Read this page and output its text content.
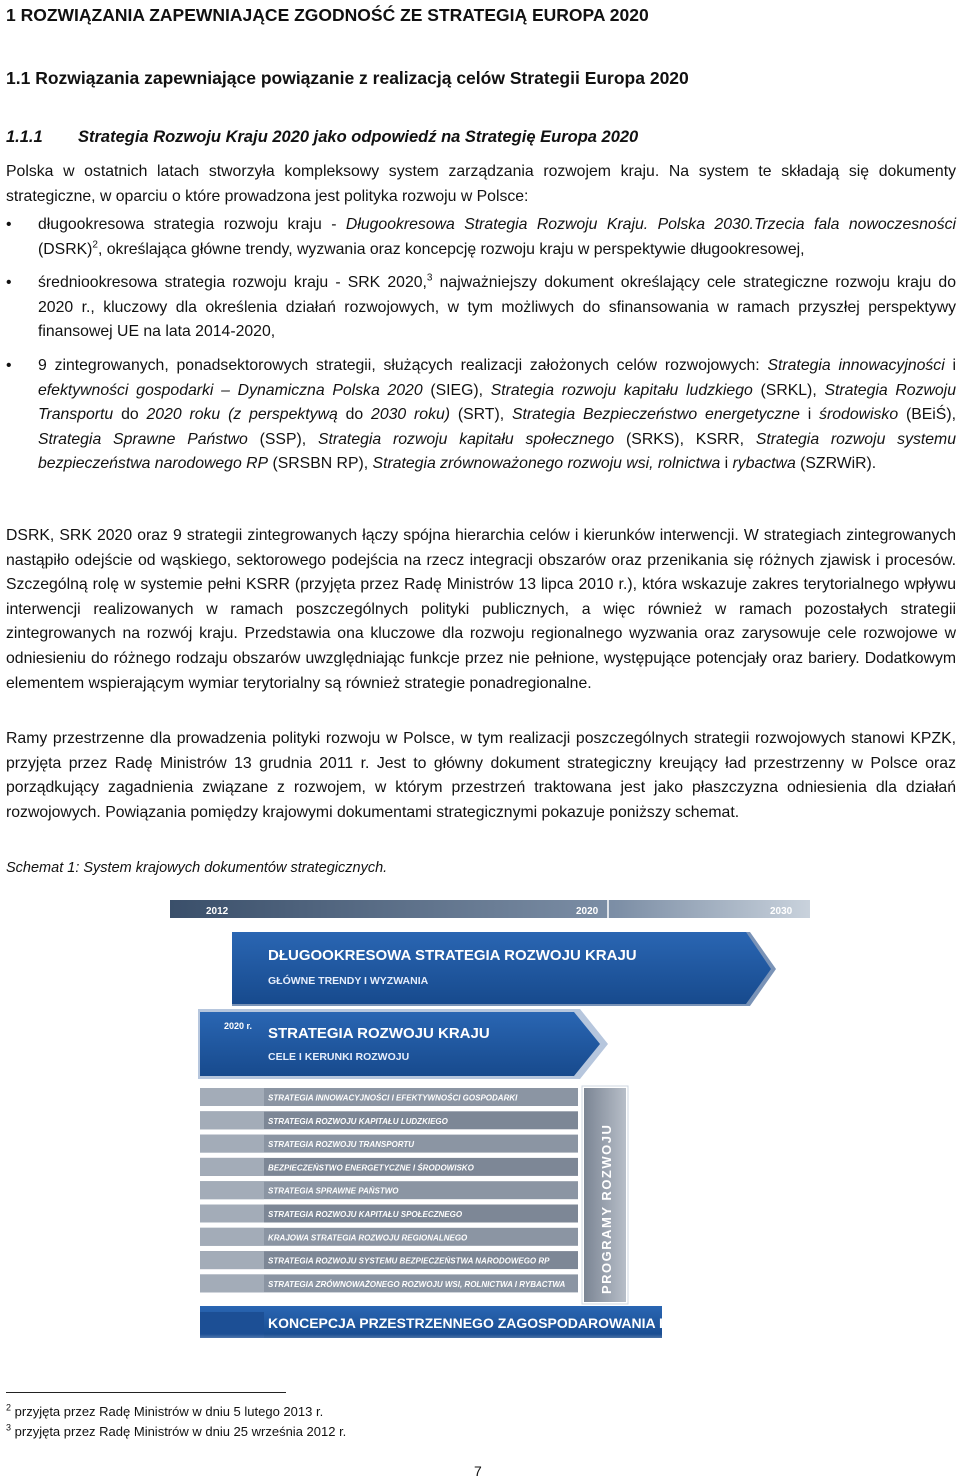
1 ROZWIĄZANIA ZAPEWNIAJĄCE ZGODNOŚĆ ZE STRATEGIĄ EUROPA 2020
1.1 Rozwiązania zapewniające powiązanie z realizacją celów Strategii Europa 2020
1.1.1 Strategia Rozwoju Kraju 2020 jako odpowiedź na Strategię Europa 2020
Polska w ostatnich latach stworzyła kompleksowy system zarządzania rozwojem kraju. Na system te składają się dokumenty strategiczne, w oparciu o które prowadzona jest polityka rozwoju w Polsce:
• długookresowa strategia rozwoju kraju - Długookresowa Strategia Rozwoju Kraju. Polska 2030.Trzecia fala nowoczesności (DSRK)$^2$, określająca główne trendy, wyzwania oraz koncepcję rozwoju kraju w perspektywie długookresowej,
• średniookresowa strategia rozwoju kraju - SRK 2020,$^3$ najważniejszy dokument określający cele strategiczne rozwoju kraju do 2020 r., kluczowy dla określenia działań rozwojowych, w tym możliwych do sfinansowania w ramach przyszłej perspektywy finansowej UE na lata 2014-2020,
• 9 zintegrowanych, ponadsektorowych strategii, służących realizacji założonych celów rozwojowych: Strategia innowacyjności i efektywności gospodarki – Dynamiczna Polska 2020 (SIEG), Strategia rozwoju kapitału ludzkiego (SRKL), Strategia Rozwoju Transportu do 2020 roku (z perspektywą do 2030 roku) (SRT), Strategia Bezpieczeństwo energetyczne i środowisko (BEiŚ), Strategia Sprawne Państwo (SSP), Strategia rozwoju kapitału społecznego (SRKS), KSRR, Strategia rozwoju systemu bezpieczeństwa narodowego RP (SRSBN RP), Strategia zrównoważonego rozwoju wsi, rolnictwa i rybactwa (SZRWiR).
DSRK, SRK 2020 oraz 9 strategii zintegrowanych łączy spójna hierarchia celów i kierunków interwencji. W strategiach zintegrowanych nastąpiło odejście od wąskiego, sektorowego podejścia na rzecz integracji obszarów oraz przenikania się różnych zjawisk i procesów. Szczególną rolę w systemie pełni KSRR (przyjęta przez Radę Ministrów 13 lipca 2010 r.), która wskazuje zakres terytorialnego wpływu interwencji realizowanych w ramach poszczególnych polityki publicznych, a więc również w ramach pozostałych strategii zintegrowanych na rozwój kraju. Przedstawia ona kluczowe dla rozwoju regionalnego wyzwania oraz zarysowuje cele rozwojowe w odniesieniu do różnego rodzaju obszarów uwzględniając funkcje przez nie pełnione, występujące potencjały oraz bariery. Dodatkowym elementem wspierającym wymiar terytorialny są również strategie ponadregionalne.
Ramy przestrzenne dla prowadzenia polityki rozwoju w Polsce, w tym realizacji poszczególnych strategii rozwojowych stanowi KPZK, przyjęta przez Radę Ministrów 13 grudnia 2011 r. Jest to główny dokument strategiczny kreujący ład przestrzenny w Polsce oraz porządkujący zagadnienia związane z rozwojem, w którym przestrzeń traktowana jest jako płaszczyzna odniesienia dla działań rozwojowych. Powiązania pomiędzy krajowymi dokumentami strategicznymi pokazuje poniższy schemat.
Schemat 1: System krajowych dokumentów strategicznych.
2012	2020	2030
DŁUGOOKRESOWA STRATEGIA ROZWOJU KRAJU
GŁÓWNE TRENDY I WYZWANIA
2020 r. STRATEGIA ROZWOJU KRAJU
CELE I KERUNKI ROZWOJU
STRATEGIA INNOWACYJNOŚCI I EFEKTYWNOŚCI GOSPODARKI
STRATEGIA ROZWOJU KAPITAŁU LUDZKIEGO
STRATEGIA ROZWOJU TRANSPORTU
BEZPIECZEŃSTWO ENERGETYCZNE I ŚRODOWISKO
STRATEGIA SPRAWNE PAŃSTWO
STRATEGIA ROZWOJU KAPITAŁU SPOŁECZNEGO
KRAJOWA STRATEGIA ROZWOJU REGIONALNEGO
STRATEGIA ROZWOJU SYSTEMU BEZPIECZEŃSTWA NARODOWEGO RP
STRATEGIA ZRÓWNOWAŻONEGO ROZWOJU WSI, ROLNICTWA I RYBACTWA	PROGRAMY ROZWOJU
KONCEPCJA PRZESTRZENNEGO ZAGOSPODAROWANIA KRAJU
$^2$ przyjęta przez Radę Ministrów w dniu 5 lutego 2013 r.
$^3$ przyjęta przez Radę Ministrów w dniu 25 września 2012 r.
7
